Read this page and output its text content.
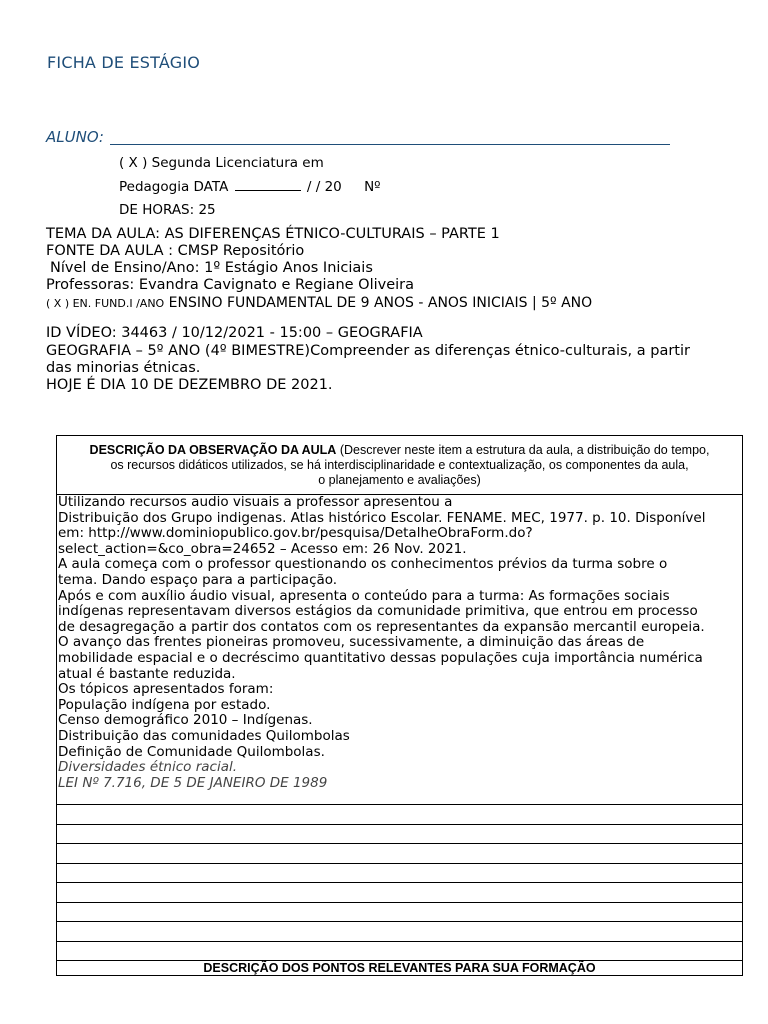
FICHA DE ESTÁGIO
ALUNO:
( X ) Segunda Licenciatura em
Pedagogia DATA	/ / 20 Nº
DE HORAS: 25
TEMA DA AULA: AS DIFERENÇAS ÉTNICO-CULTURAIS – PARTE 1
FONTE DA AULA : CMSP Repositório
Nível de Ensino/Ano: 1º Estágio Anos Iniciais
Professoras: Evandra Cavignato e Regiane Oliveira
( X ) EN. FUND.I /ANO ENSINO FUNDAMENTAL DE 9 ANOS - ANOS INICIAIS | 5º ANO
ID VÍDEO: 34463 / 10/12/2021 - 15:00 – GEOGRAFIA
GEOGRAFIA – 5º ANO (4º BIMESTRE)Compreender as diferenças étnico-culturais, a partir das minorias étnicas.
HOJE É DIA 10 DE DEZEMBRO DE 2021.
DESCRIÇÃO DA OBSERVAÇÃO DA AULA (Descrever neste item a estrutura da aula, a distribuição do tempo,
os recursos didáticos utilizados, se há interdisciplinaridade e contextualização, os componentes da aula,
o planejamento e avaliações)

Utilizando recursos audio visuais a professor apresentou a
Distribuição dos Grupo indigenas. Atlas histórico Escolar. FENAME. MEC, 1977. p. 10. Disponível
em: http://www.dominiopublico.gov.br/pesquisa/DetalheObraForm.do?
select_action=&co_obra=24652 – Acesso em: 26 Nov. 2021.
A aula começa com o professor questionando os conhecimentos prévios da turma sobre o
tema. Dando espaço para a participação.
Após e com auxílio áudio visual, apresenta o conteúdo para a turma: As formações sociais
indígenas representavam diversos estágios da comunidade primitiva, que entrou em processo
de desagregação a partir dos contatos com os representantes da expansão mercantil europeia.
O avanço das frentes pioneiras promoveu, sucessivamente, a diminuição das áreas de
mobilidade espacial e o decréscimo quantitativo dessas populações cuja importância numérica
atual é bastante reduzida.
Os tópicos apresentados foram:
População indígena por estado.
Censo demográfico 2010 – Indígenas.
Distribuição das comunidades Quilombolas
Definição de Comunidade Quilombolas.
Diversidades étnico racial.
LEI Nº 7.716, DE 5 DE JANEIRO DE 1989

DESCRIÇÃO DOS PONTOS RELEVANTES PARA SUA FORMAÇÃO
